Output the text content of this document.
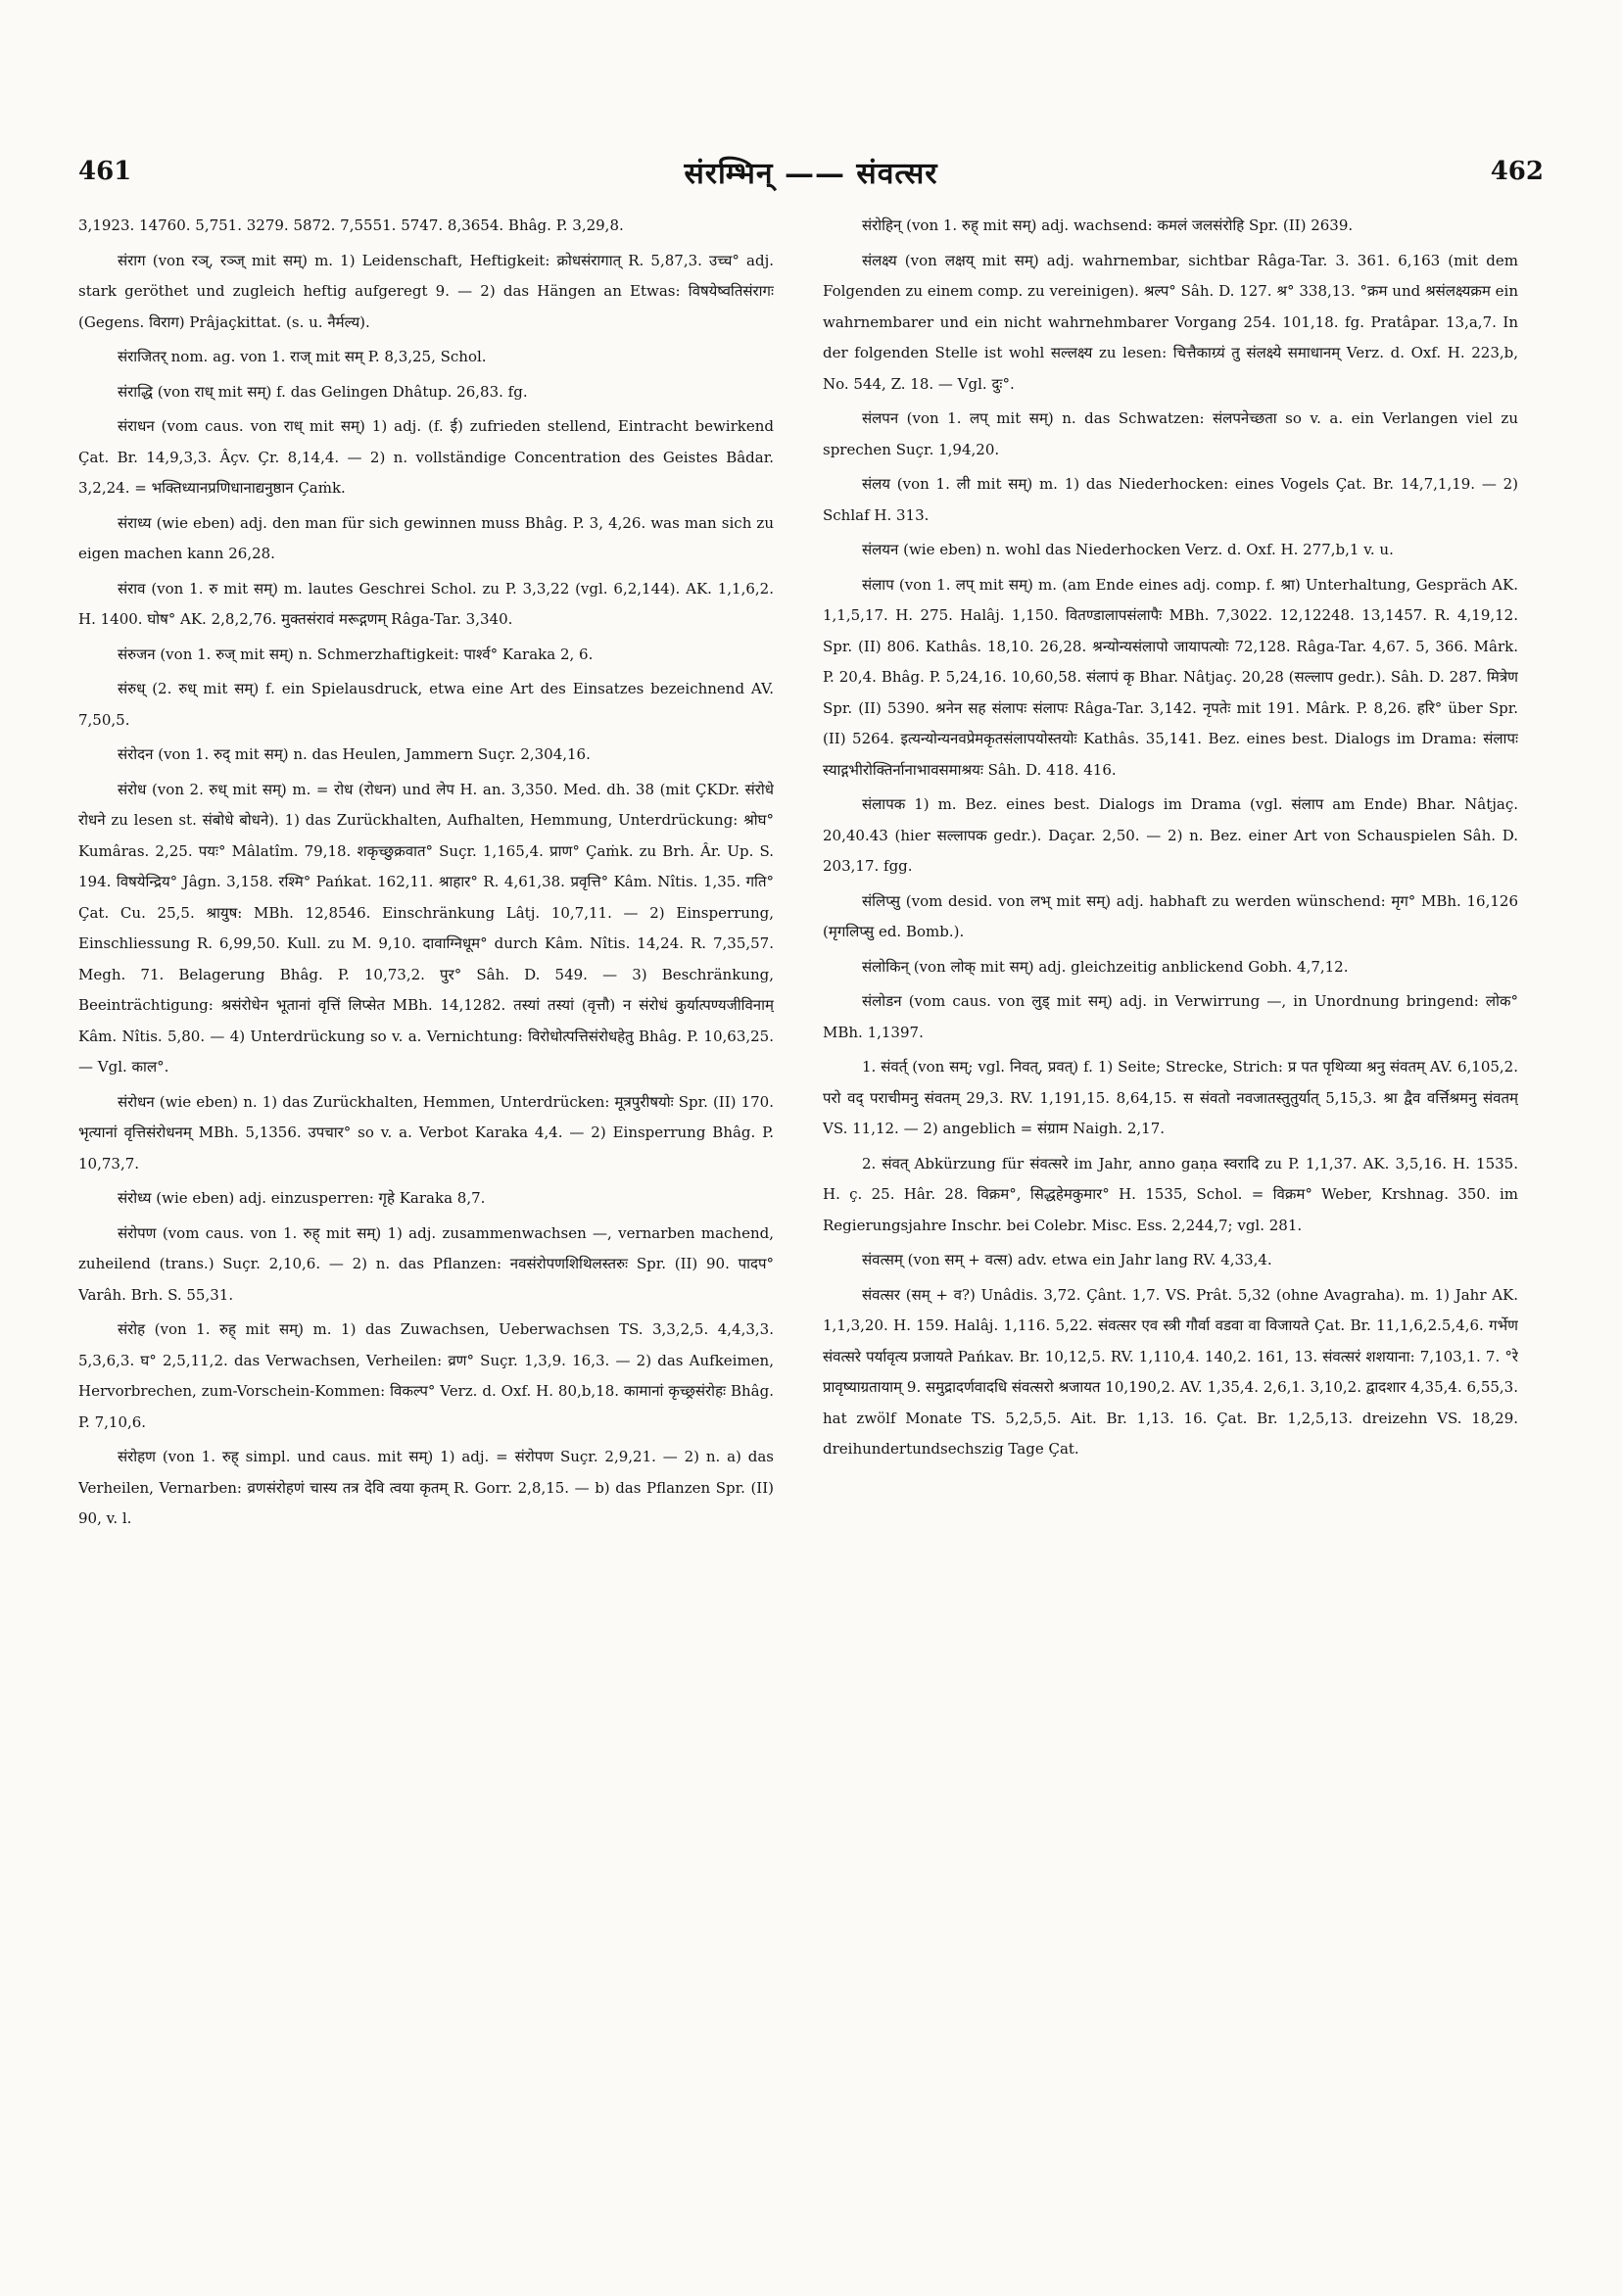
461	संरम्भिन् —— संवत्सर	462

3,1923. 14760. 5,751. 3279. 5872. 7,5551. 5747. 8,3654. Bhâg. P. 3,29,8.

संराग (von रञ्, रञ्ज् mit सम्) m. 1) Leidenschaft, Heftigkeit: क्रोधसंरागात् R. 5,87,3. उच्च° adj. stark geröthet und zugleich heftig aufgeregt 9. — 2) das Hängen an Etwas: विषयेष्वतिसंरागः (Gegens. विराग) Prâjaçkittat. (s. u. नैर्मल्य).

संराजितर् nom. ag. von 1. राज् mit सम् P. 8,3,25, Schol.

संराद्धि (von राध् mit सम्) f. das Gelingen Dhâtup. 26,83. fg.

संराधन (vom caus. von राध् mit सम्) 1) adj. (f. ई) zufrieden stellend, Eintracht bewirkend Çat. Br. 14,9,3,3. Âçv. Çr. 8,14,4. — 2) n. vollständige Concentration des Geistes Bâdar. 3,2,24. = भक्तिध्यानप्रणिधानाद्यनुष्ठान Çaṁk.

संराध्य (wie eben) adj. den man für sich gewinnen muss Bhâg. P. 3, 4,26. was man sich zu eigen machen kann 26,28.

संराव (von 1. रु mit सम्) m. lautes Geschrei Schol. zu P. 3,3,22 (vgl. 6,2,144). AK. 1,1,6,2. H. 1400. घोष° AK. 2,8,2,76. मुक्तसंरावं मरूद्गणम् Râga-Tar. 3,340.

संरुजन (von 1. रुज् mit सम्) n. Schmerzhaftigkeit: पार्श्व° Karaka 2, 6.

संरुध् (2. रुध् mit सम्) f. ein Spielausdruck, etwa eine Art des Einsatzes bezeichnend AV. 7,50,5.

संरोदन (von 1. रुद् mit सम्) n. das Heulen, Jammern Suçr. 2,304,16.

संरोध (von 2. रुध् mit सम्) m. = रोध (रोधन) und लेप H. an. 3,350. Med. dh. 38 (mit ÇKDr. संरोधे रोधने zu lesen st. संबोधे बोधने). 1) das Zurückhalten, Aufhalten, Hemmung, Unterdrückung: श्रोघ° Kumâras. 2,25. पयः° Mâlatîm. 79,18. शकृच्छुक्रवात° Suçr. 1,165,4. प्राण° Çaṁk. zu Brh. Âr. Up. S. 194. विषयेन्द्रिय° Jâgn. 3,158. रश्मि° Pańkat. 162,11. श्राहार° R. 4,61,38. प्रवृत्ति° Kâm. Nîtis. 1,35. गति° Çat. Cu. 25,5. श्रायुष: MBh. 12,8546. Einschränkung Lâtj. 10,7,11. — 2) Einsperrung, Einschliessung R. 6,99,50. Kull. zu M. 9,10. दावाग्निधूम° durch Kâm. Nîtis. 14,24. R. 7,35,57. Megh. 71. Belagerung Bhâg. P. 10,73,2. पुर° Sâh. D. 549. — 3) Beschränkung, Beeinträchtigung: श्रसंरोधेन भूतानां वृत्तिं लिप्सेत MBh. 14,1282. तस्यां तस्यां (वृत्तौ) न संरोधं कुर्यात्पण्यजीविनाम् Kâm. Nîtis. 5,80. — 4) Unterdrückung so v. a. Vernichtung: विरोधोत्पत्तिसंरोधहेतु Bhâg. P. 10,63,25. — Vgl. काल°.

संरोधन (wie eben) n. 1) das Zurückhalten, Hemmen, Unterdrücken: मूत्रपुरीषयोः Spr. (II) 170. भृत्यानां वृत्तिसंरोधनम् MBh. 5,1356. उपचार° so v. a. Verbot Karaka 4,4. — 2) Einsperrung Bhâg. P. 10,73,7.

संरोध्य (wie eben) adj. einzusperren: गृहे Karaka 8,7.

संरोपण (vom caus. von 1. रुह् mit सम्) 1) adj. zusammenwachsen —, vernarben machend, zuheilend (trans.) Suçr. 2,10,6. — 2) n. das Pflanzen: नवसंरोपणशिथिलस्तरुः Spr. (II) 90. पादप° Varâh. Brh. S. 55,31.

संरोह (von 1. रुह् mit सम्) m. 1) das Zuwachsen, Ueberwachsen TS. 3,3,2,5. 4,4,3,3. 5,3,6,3. घ° 2,5,11,2. das Verwachsen, Verheilen: व्रण° Suçr. 1,3,9. 16,3. — 2) das Aufkeimen, Hervorbrechen, zum-Vorschein-Kommen: विकल्प° Verz. d. Oxf. H. 80,b,18. कामानां कृच्छ्रसंरोहः Bhâg. P. 7,10,6.

संरोहण (von 1. रुह् simpl. und caus. mit सम्) 1) adj. = संरोपण Suçr. 2,9,21. — 2) n. a) das Verheilen, Vernarben: व्रणसंरोहणं चास्य तत्र देवि त्वया कृतम् R. Gorr. 2,8,15. — b) das Pflanzen Spr. (II) 90, v. l.

संरोहिन् (von 1. रुह् mit सम्) adj. wachsend: कमलं जलसंरोहि Spr. (II) 2639.

संलक्ष्य (von लक्षय् mit सम्) adj. wahrnembar, sichtbar Râga-Tar. 3. 361. 6,163 (mit dem Folgenden zu einem comp. zu vereinigen). श्रल्प° Sâh. D. 127. श्र° 338,13. °क्रम und श्रसंलक्ष्यक्रम ein wahrnembarer und ein nicht wahrnehmbarer Vorgang 254. 101,18. fg. Pratâpar. 13,a,7. In der folgenden Stelle ist wohl सल्लक्ष्य zu lesen: चित्तैकाग्र्यं तु संलक्ष्ये समाधानम् Verz. d. Oxf. H. 223,b, No. 544, Z. 18. — Vgl. दुः°.

संलपन (von 1. लप् mit सम्) n. das Schwatzen: संलपनेच्छता so v. a. ein Verlangen viel zu sprechen Suçr. 1,94,20.

संलय (von 1. ली mit सम्) m. 1) das Niederhocken: eines Vogels Çat. Br. 14,7,1,19. — 2) Schlaf H. 313.

संलयन (wie eben) n. wohl das Niederhocken Verz. d. Oxf. H. 277,b,1 v. u.

संलाप (von 1. लप् mit सम्) m. (am Ende eines adj. comp. f. श्रा) Unterhaltung, Gespräch AK. 1,1,5,17. H. 275. Halâj. 1,150. वितण्डालापसंलापैः MBh. 7,3022. 12,12248. 13,1457. R. 4,19,12. Spr. (II) 806. Kathâs. 18,10. 26,28. श्रन्योन्यसंलापो जायापत्योः 72,128. Râga-Tar. 4,67. 5, 366. Mârk. P. 20,4. Bhâg. P. 5,24,16. 10,60,58. संलापं कृ Bhar. Nâtjaç. 20,28 (सल्लाप gedr.). Sâh. D. 287. मित्रेण Spr. (II) 5390. श्रनेन सह संलापः संलापः Râga-Tar. 3,142. नृपतेः mit 191. Mârk. P. 8,26. हरि° über Spr. (II) 5264. इत्यन्योन्यनवप्रेमकृतसंलापयोस्तयोः Kathâs. 35,141. Bez. eines best. Dialogs im Drama: संलापः स्याद्गभीरोक्तिर्नानाभावसमाश्रयः Sâh. D. 418. 416.

संलापक 1) m. Bez. eines best. Dialogs im Drama (vgl. संलाप am Ende) Bhar. Nâtjaç. 20,40.43 (hier सल्लापक gedr.). Daçar. 2,50. — 2) n. Bez. einer Art von Schauspielen Sâh. D. 203,17. fgg.

संलिप्सु (vom desid. von लभ् mit सम्) adj. habhaft zu werden wünschend: मृग° MBh. 16,126 (मृगलिप्सु ed. Bomb.).

संलोकिन् (von लोक् mit सम्) adj. gleichzeitig anblickend Gobh. 4,7,12.

संलोडन (vom caus. von लुड् mit सम्) adj. in Verwirrung —, in Unordnung bringend: लोक° MBh. 1,1397.

1. संवर्त् (von सम्; vgl. निवत्, प्रवत्) f. 1) Seite; Strecke, Strich: प्र पत पृथिव्या श्रनु संवतम् AV. 6,105,2. परो वद् पराचीमनु संवतम् 29,3. RV. 1,191,15. 8,64,15. स संवतो नवजातस्तुतुर्यात् 5,15,3. श्रा द्वैव वर्त्तिश्रमनु संवतम् VS. 11,12. — 2) angeblich = संग्राम Naigh. 2,17.

2. संवत् Abkürzung für संवत्सरे im Jahr, anno gaṇa स्वरादि zu P. 1,1,37. AK. 3,5,16. H. 1535. H. ç. 25. Hâr. 28. विक्रम°, सिद्धहेमकुमार° H. 1535, Schol. = विक्रम° Weber, Krshnag. 350. im Regierungsjahre Inschr. bei Colebr. Misc. Ess. 2,244,7; vgl. 281.

संवत्सम् (von सम् + वत्स) adv. etwa ein Jahr lang RV. 4,33,4.

संवत्सर (सम् + व?) Unâdis. 3,72. Çânt. 1,7. VS. Prât. 5,32 (ohne Avagraha). m. 1) Jahr AK. 1,1,3,20. H. 159. Halâj. 1,116. 5,22. संवत्सर एव स्त्री गौर्वा वडवा वा विजायते Çat. Br. 11,1,6,2.5,4,6. गर्भेण संवत्सरे पर्यावृत्य प्रजायते Pańkav. Br. 10,12,5. RV. 1,110,4. 140,2. 161, 13. संवत्सरं शशयाना: 7,103,1. 7. °रे प्रावृष्याग्रतायाम् 9. समुद्रादर्णवादधि संवत्सरो श्रजायत 10,190,2. AV. 1,35,4. 2,6,1. 3,10,2. द्वादशार 4,35,4. 6,55,3. hat zwölf Monate TS. 5,2,5,5. Ait. Br. 1,13. 16. Çat. Br. 1,2,5,13. dreizehn VS. 18,29. dreihundertundsechszig Tage Çat.
